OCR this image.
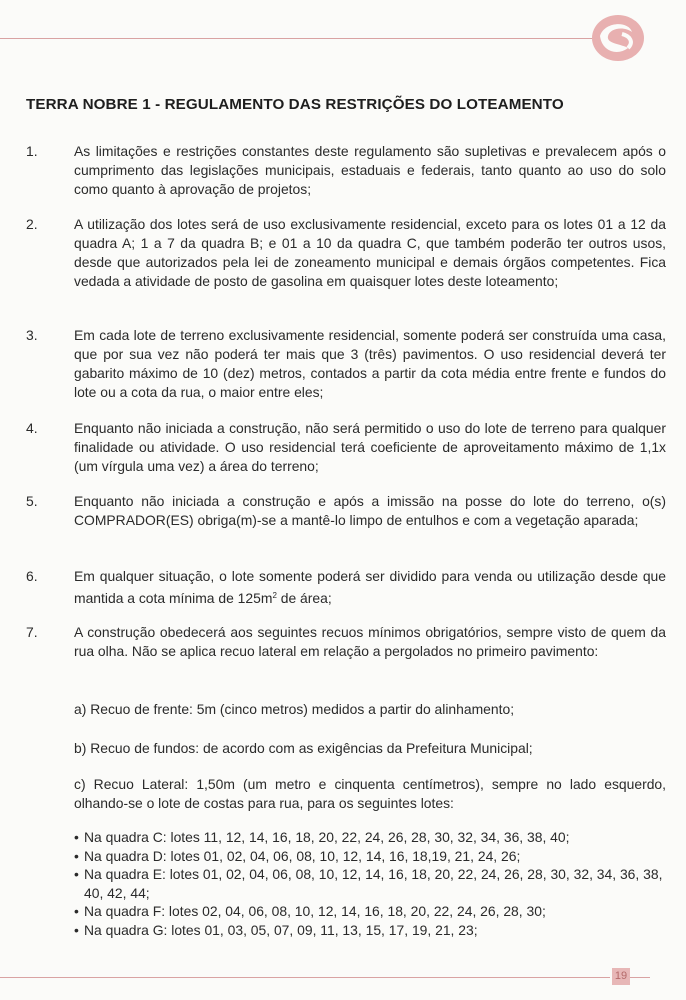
TERRA NOBRE 1 - REGULAMENTO DAS RESTRIÇÕES DO LOTEAMENTO
1.	As limitações e restrições constantes deste regulamento são supletivas e prevalecem após o cumprimento das legislações municipais, estaduais e federais, tanto quanto ao uso do solo como quanto à aprovação de projetos;
2.	A utilização dos lotes será de uso exclusivamente residencial, exceto para os lotes 01 a 12 da quadra A; 1 a 7 da quadra B; e 01 a 10 da quadra C, que também poderão ter outros usos, desde que autorizados pela lei de zoneamento municipal e demais órgãos competentes. Fica vedada a atividade de posto de gasolina em quaisquer lotes deste loteamento;
3.	Em cada lote de terreno exclusivamente residencial, somente poderá ser construída uma casa, que por sua vez não poderá ter mais que 3 (três) pavimentos. O uso residencial deverá ter gabarito máximo de 10 (dez) metros, contados a partir da cota média entre frente e fundos do lote ou a cota da rua, o maior entre eles;
4.	Enquanto não iniciada a construção, não será permitido o uso do lote de terreno para qualquer finalidade ou atividade. O uso residencial terá coeficiente de aproveitamento máximo de 1,1x (um vírgula uma vez) a área do terreno;
5.	Enquanto não iniciada a construção e após a imissão na posse do lote do terreno, o(s) COMPRADOR(ES) obriga(m)-se a mantê-lo limpo de entulhos e com a vegetação aparada;
6.	Em qualquer situação, o lote somente poderá ser dividido para venda ou utilização desde que mantida a cota mínima de $125m^2$ de área;
7.	A construção obedecerá aos seguintes recuos mínimos obrigatórios, sempre visto de quem da rua olha. Não se aplica recuo lateral em relação a pergolados no primeiro pavimento:
a) Recuo de frente: 5m (cinco metros) medidos a partir do alinhamento;
b) Recuo de fundos: de acordo com as exigências da Prefeitura Municipal;
c) Recuo Lateral: 1,50m (um metro e cinquenta centímetros), sempre no lado esquerdo, olhando-se o lote de costas para rua, para os seguintes lotes:
• Na quadra C: lotes 11, 12, 14, 16, 18, 20, 22, 24, 26, 28, 30, 32, 34, 36, 38, 40;
• Na quadra D: lotes 01, 02, 04, 06, 08, 10, 12, 14, 16, 18,19, 21, 24, 26;
• Na quadra E: lotes 01, 02, 04, 06, 08, 10, 12, 14, 16, 18, 20, 22, 24, 26, 28, 30, 32, 34, 36, 38, 40, 42, 44;
• Na quadra F: lotes 02, 04, 06, 08, 10, 12, 14, 16, 18, 20, 22, 24, 26, 28, 30;
• Na quadra G: lotes 01, 03, 05, 07, 09, 11, 13, 15, 17, 19, 21, 23;
19
